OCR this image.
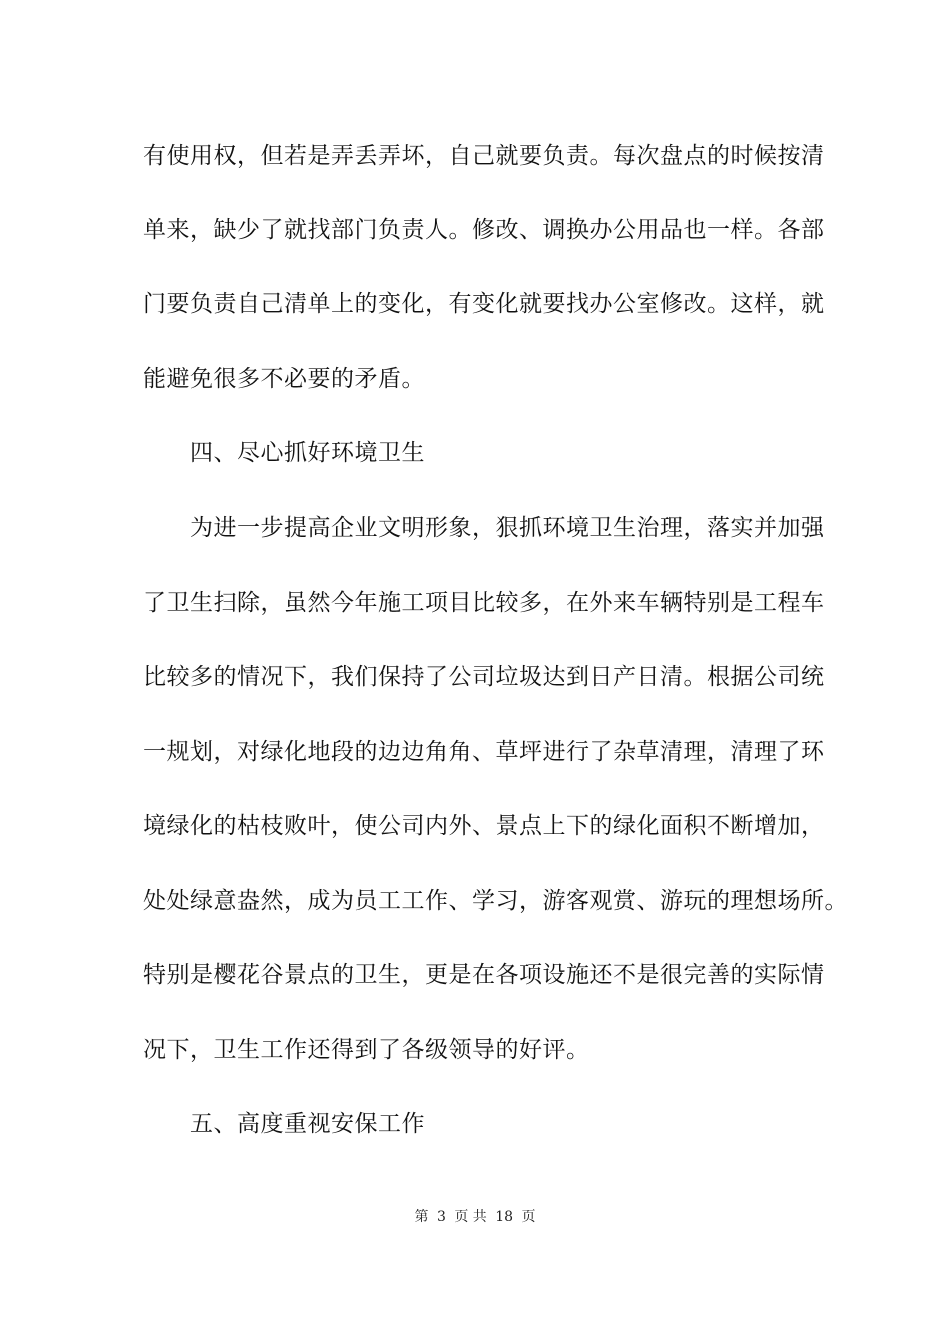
有使用权，但若是弄丢弄坏，自己就要负责。每次盘点的时候按清
单来，缺少了就找部门负责人。修改、调换办公用品也一样。各部
门要负责自己清单上的变化，有变化就要找办公室修改。这样，就
能避免很多不必要的矛盾。
四、尽心抓好环境卫生
为进一步提高企业文明形象，狠抓环境卫生治理，落实并加强
了卫生扫除，虽然今年施工项目比较多，在外来车辆特别是工程车
比较多的情况下，我们保持了公司垃圾达到日产日清。根据公司统
一规划，对绿化地段的边边角角、草坪进行了杂草清理，清理了环
境绿化的枯枝败叶，使公司内外、景点上下的绿化面积不断增加，
处处绿意盎然，成为员工工作、学习，游客观赏、游玩的理想场所。
特别是樱花谷景点的卫生，更是在各项设施还不是很完善的实际情
况下，卫生工作还得到了各级领导的好评。
五、高度重视安保工作
第 3 页 共 18 页
